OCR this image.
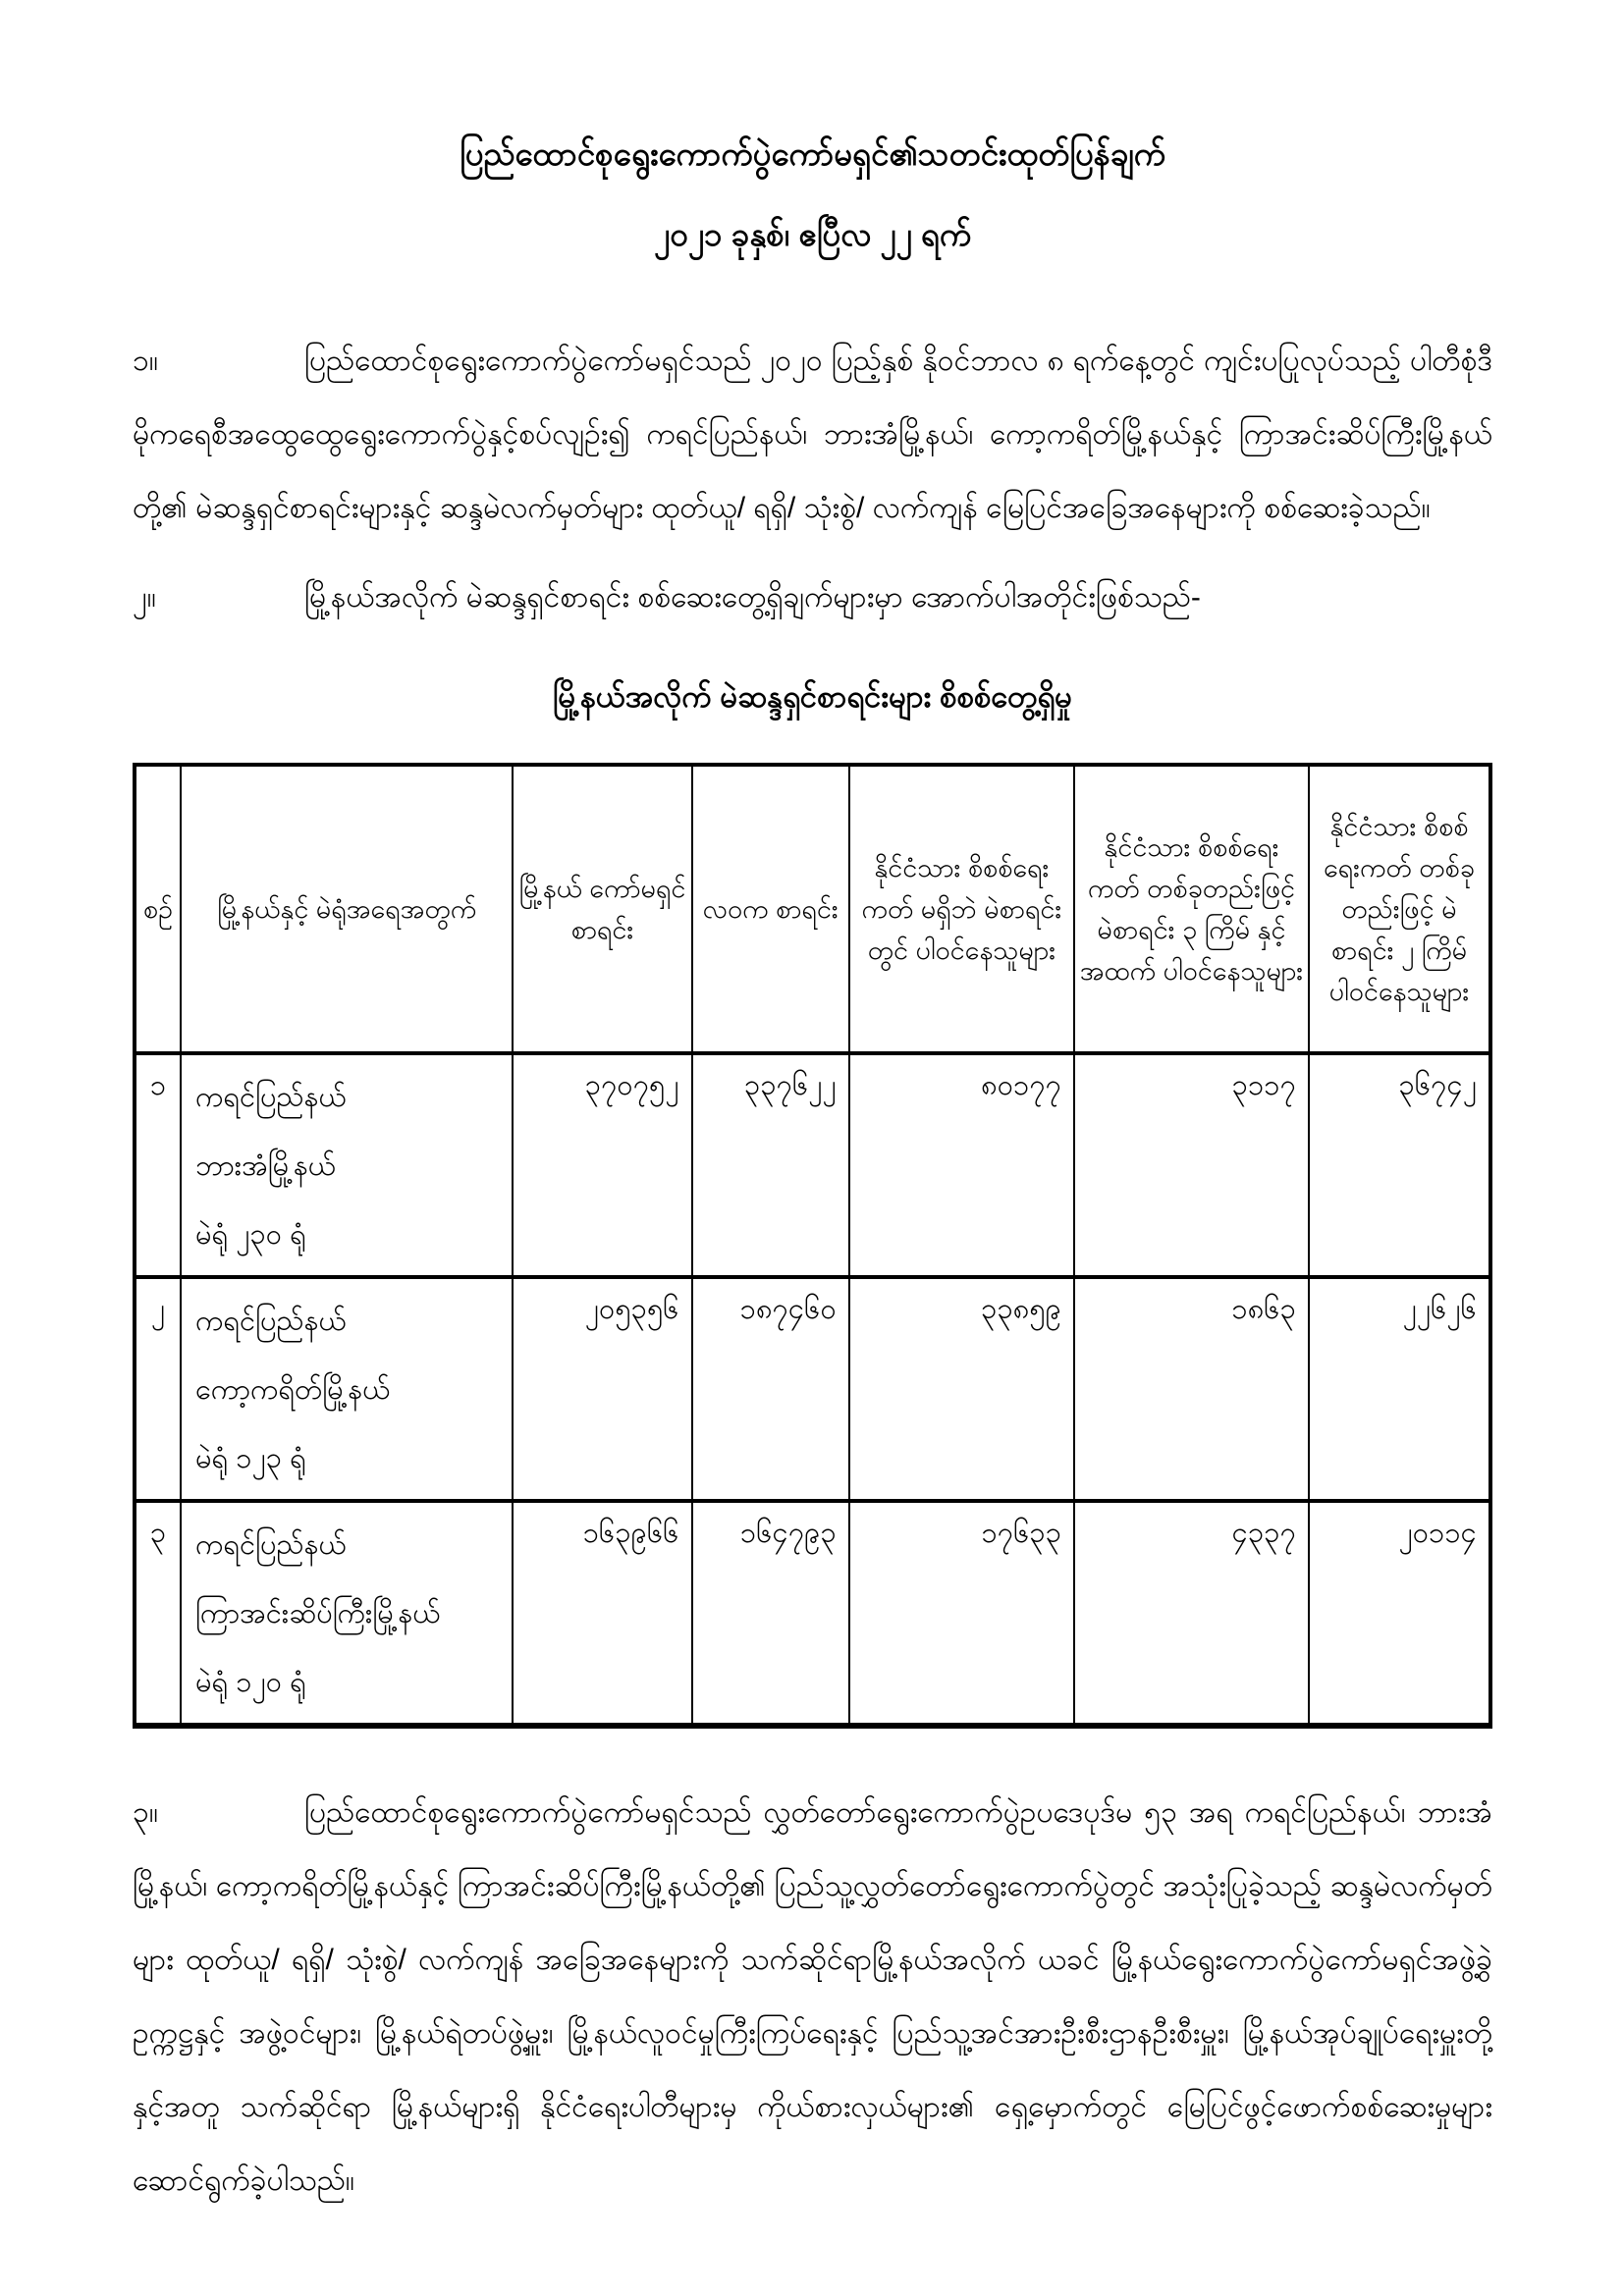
ပြည်ထောင်စုရွေးကောက်ပွဲကော်မရှင်၏သတင်းထုတ်ပြန်ချက်
၂၀၂၁ ခုနှစ်၊ ဧပြီလ ၂၂ ရက်

၁။	ပြည်ထောင်စုရွေးကောက်ပွဲကော်မရှင်သည် ၂၀၂၀ ပြည့်နှစ် နိုဝင်ဘာလ ၈ ရက်နေ့တွင် ကျင်းပပြုလုပ်သည့် ပါတီစုံဒီမိုကရေစီအထွေထွေရွေးကောက်ပွဲနှင့်စပ်လျဉ်း၍ ကရင်ပြည်နယ်၊ ဘားအံမြို့နယ်၊ ကော့ကရိတ်မြို့နယ်နှင့် ကြာအင်းဆိပ်ကြီးမြို့နယ်တို့၏ မဲဆန္ဒရှင်စာရင်းများနှင့် ဆန္ဒမဲလက်မှတ်များ ထုတ်ယူ/ ရရှိ/ သုံးစွဲ/ လက်ကျန် မြေပြင်အခြေအနေများကို စစ်ဆေးခဲ့သည်။

၂။	မြို့နယ်အလိုက် မဲဆန္ဒရှင်စာရင်း စစ်ဆေးတွေ့ရှိချက်များမှာ အောက်ပါအတိုင်းဖြစ်သည်-

မြို့နယ်အလိုက် မဲဆန္ဒရှင်စာရင်းများ စိစစ်တွေ့ရှိမှု
စဉ်	မြို့နယ်နှင့် မဲရုံအရေအတွက်	မြို့နယ် ကော်မရှင် စာရင်း	လဝက စာရင်း	နိုင်ငံသား စိစစ်ရေးကတ် မရှိဘဲ မဲစာရင်းတွင် ပါဝင်နေသူများ	နိုင်ငံသား စိစစ်ရေးကတ် တစ်ခုတည်းဖြင့် မဲစာရင်း ၃ ကြိမ် နှင့် အထက် ပါဝင်နေသူများ	နိုင်ငံသား စိစစ်ရေးကတ် တစ်ခုတည်းဖြင့် မဲစာရင်း ၂ ကြိမ် ပါဝင်နေသူများ
၁	ကရင်ပြည်နယ်
ဘားအံမြို့နယ်
မဲရုံ ၂၃၀ ရုံ	၃၇၀၇၅၂	၃၃၇၆၂၂	၈၀၁၇၇	၃၁၁၇	၃၆၇၄၂
၂	ကရင်ပြည်နယ်
ကော့ကရိတ်မြို့နယ်
မဲရုံ ၁၂၃ ရုံ	၂၀၅၃၅၆	၁၈၇၄၆၀	၃၃၈၅၉	၁၈၆၃	၂၂၆၂၆
၃	ကရင်ပြည်နယ်
ကြာအင်းဆိပ်ကြီးမြို့နယ်
မဲရုံ ၁၂၀ ရုံ	၁၆၃၉၆၆	၁၆၄၇၉၃	၁၇၆၃၃	၄၃၃၇	၂၀၁၁၄

၃။	ပြည်ထောင်စုရွေးကောက်ပွဲကော်မရှင်သည် လွှတ်တော်ရွေးကောက်ပွဲဥပဒေပုဒ်မ ၅၃ အရ ကရင်ပြည်နယ်၊ ဘားအံမြို့နယ်၊ ကော့ကရိတ်မြို့နယ်နှင့် ကြာအင်းဆိပ်ကြီးမြို့နယ်တို့၏ ပြည်သူ့လွှတ်တော်ရွေးကောက်ပွဲတွင် အသုံးပြုခဲ့သည့် ဆန္ဒမဲလက်မှတ်များ ထုတ်ယူ/ ရရှိ/ သုံးစွဲ/ လက်ကျန် အခြေအနေများကို သက်ဆိုင်ရာမြို့နယ်အလိုက် ယခင် မြို့နယ်ရွေးကောက်ပွဲကော်မရှင်အဖွဲ့ခွဲ ဥက္ကဋ္ဌနှင့် အဖွဲ့ဝင်များ၊ မြို့နယ်ရဲတပ်ဖွဲ့မှူး၊ မြို့နယ်လူဝင်မှုကြီးကြပ်ရေးနှင့် ပြည်သူ့အင်အားဦးစီးဌာနဦးစီးမှူး၊ မြို့နယ်အုပ်ချုပ်ရေးမှူးတို့နှင့်အတူ သက်ဆိုင်ရာ မြို့နယ်များရှိ နိုင်ငံရေးပါတီများမှ ကိုယ်စားလှယ်များ၏ ရှေ့မှောက်တွင် မြေပြင်ဖွင့်ဖောက်စစ်ဆေးမှုများ ဆောင်ရွက်ခဲ့ပါသည်။
